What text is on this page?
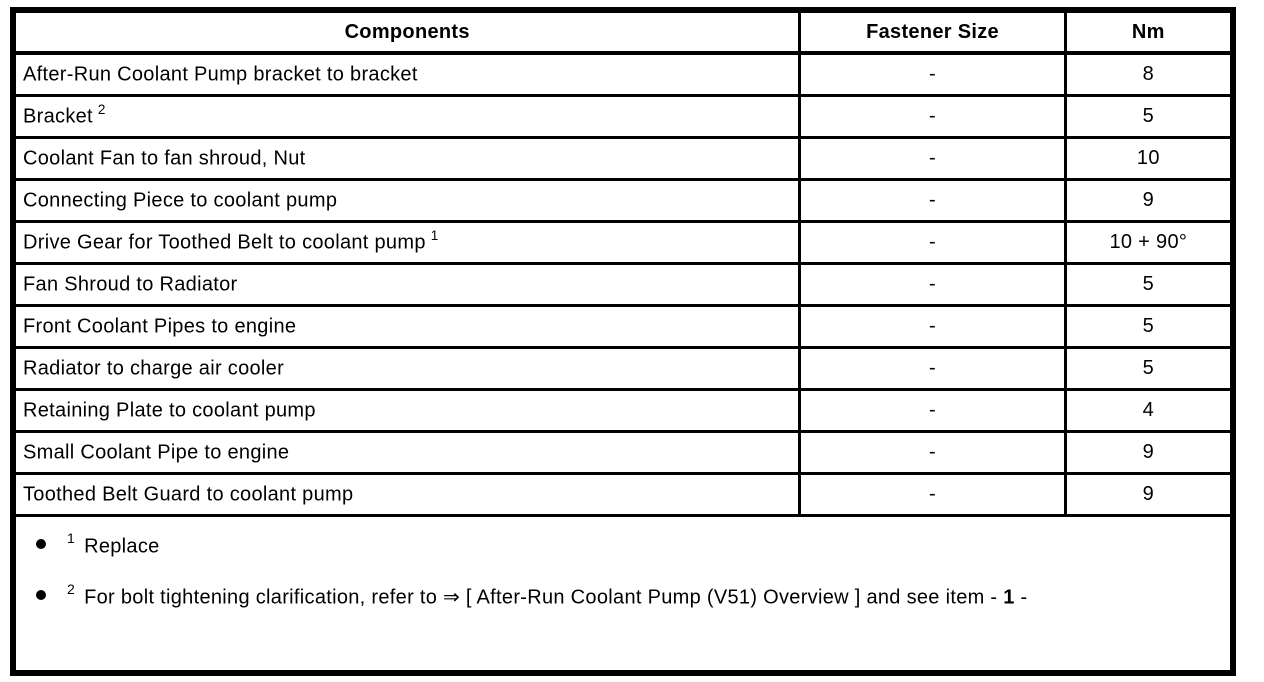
Components	Fastener Size	Nm
After-Run Coolant Pump bracket to bracket	-	8
Bracket $^2$	-	5
Coolant Fan to fan shroud, Nut	-	10
Connecting Piece to coolant pump	-	9
Drive Gear for Toothed Belt to coolant pump $^1$	-	10 + 90°
Fan Shroud to Radiator	-	5
Front Coolant Pipes to engine	-	5
Radiator to charge air cooler	-	5
Retaining Plate to coolant pump	-	4
Small Coolant Pipe to engine	-	9
Toothed Belt Guard to coolant pump	-	9

$^1$ Replace
$^2$ For bolt tightening clarification, refer to ⇒ [ After-Run Coolant Pump (V51) Overview ] and see item - 1 -		
